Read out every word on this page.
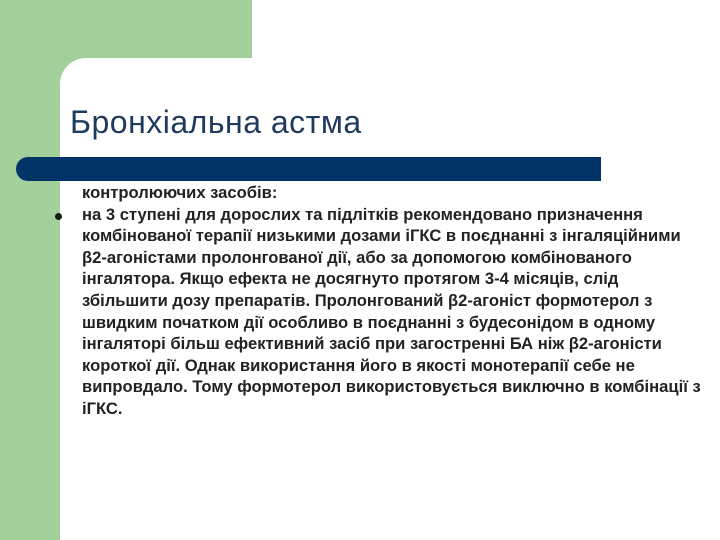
Бронхіальна астма
контролюючих засобів:
на 3 ступені для дорослих та підлітків рекомендовано призначення комбінованої терапії низькими дозами іГКС в поєднанні з інгаляційними β2-агоністами пролонгованої дії, або за допомогою комбінованого інгалятора. Якщо ефекта не досягнуто протягом 3-4 місяців, слід збільшити дозу препаратів. Пролонгований β2-агоніст формотерол з швидким початком дії особливо в поєднанні з будесонідом в одному інгаляторі більш ефективний засіб при загостренні БА ніж β2-агоністи короткої дії. Однак використання його в якості монотерапії себе не випровдало. Тому формотерол використовується виключно в комбінації з іГКС.
